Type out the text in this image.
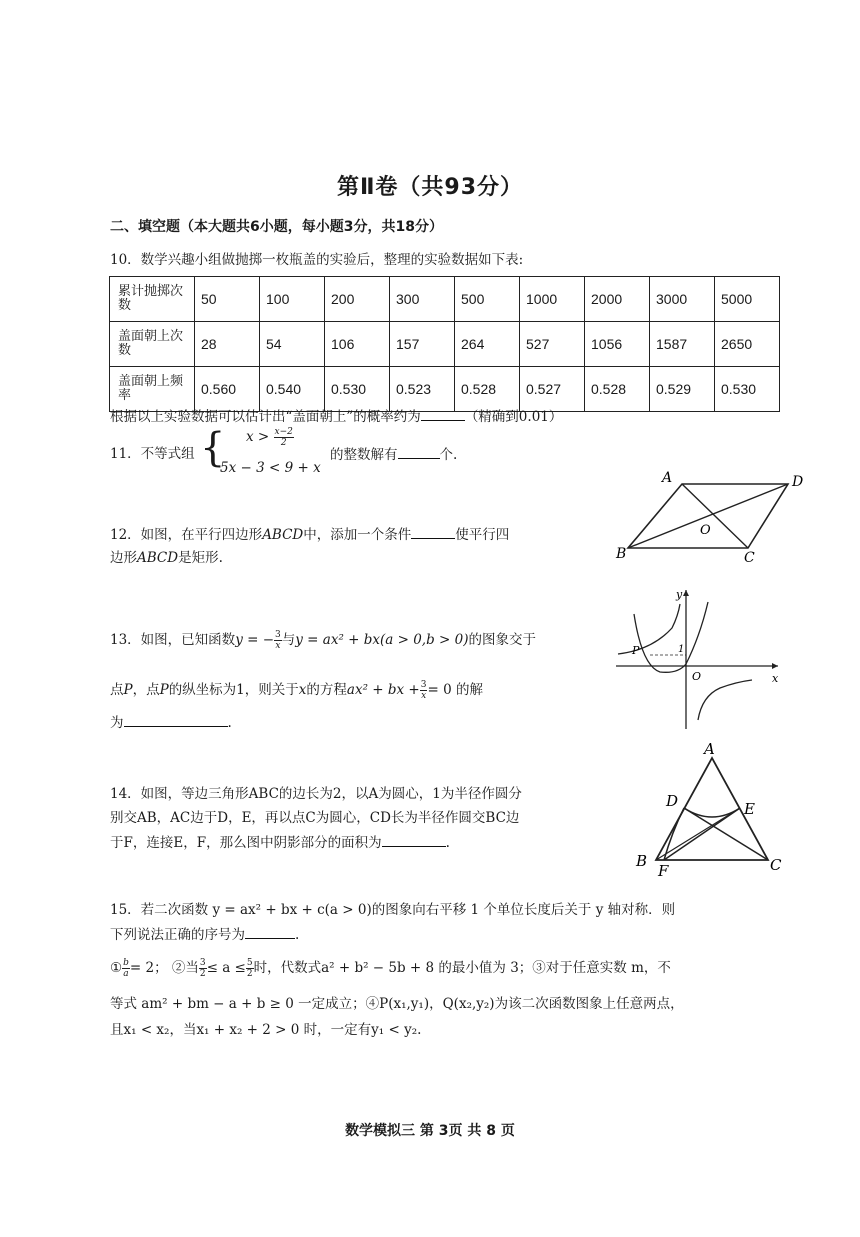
第Ⅱ卷（共93分）
二、填空题（本大题共6小题，每小题3分，共18分）
10．数学兴趣小组做抛掷一枚瓶盖的实验后，整理的实验数据如下表:
累计抛掷次数	50	100	200	300	500	1000	2000	3000	5000
盖面朝上次数	28	54	106	157	264	527	1056	1587	2650
盖面朝上频率	0.560	0.540	0.530	0.523	0.528	0.527	0.528	0.529	0.530
根据以上实验数据可以估计出“盖面朝上”的概率约为	（精确到0.01）
11．不等式组 { $x > \frac{x-2}{2}$
5x − 3 < 9 + x
的整数解有	个.
12．如图，在平行四边形ABCD中，添加一个条件	使平行四
边形ABCD是矩形.
A	D
B	C
O
13．如图，已知函数y = − $\frac{3}{x}$ 与y = ax² + bx(a > 0,b > 0)的图象交于
点P，点P的纵坐标为1，则关于x的方程ax² + bx + $\frac{3}{x} = 0$ 的解
为	.
y
x
O
P	1
14．如图，等边三角形ABC的边长为2，以A为圆心，1为半径作圆分
别交AB，AC边于D，E，再以点C为圆心，CD长为半径作圆交BC边
于F，连接E，F，那么图中阴影部分的面积为	.
A
D	E
B
F	C
15．若二次函数 y = ax² + bx + c(a > 0)的图象向右平移 1 个单位长度后关于 y 轴对称．则
下列说法正确的序号为	.
① $\frac{b}{a} = 2$； ②当 $\frac{3}{2} \le a \le \frac{5}{2}$ 时，代数式a² + b² − 5b + 8 的最小值为 3；③对于任意实数 m，不
等式 am² + bm − a + b ≥ 0 一定成立；④P(x₁,y₁)，Q(x₂,y₂)为该二次函数图象上任意两点，
且x₁ < x₂，当x₁ + x₂ + 2 > 0 时，一定有y₁ < y₂.
数学模拟三 第 3页 共 8 页
